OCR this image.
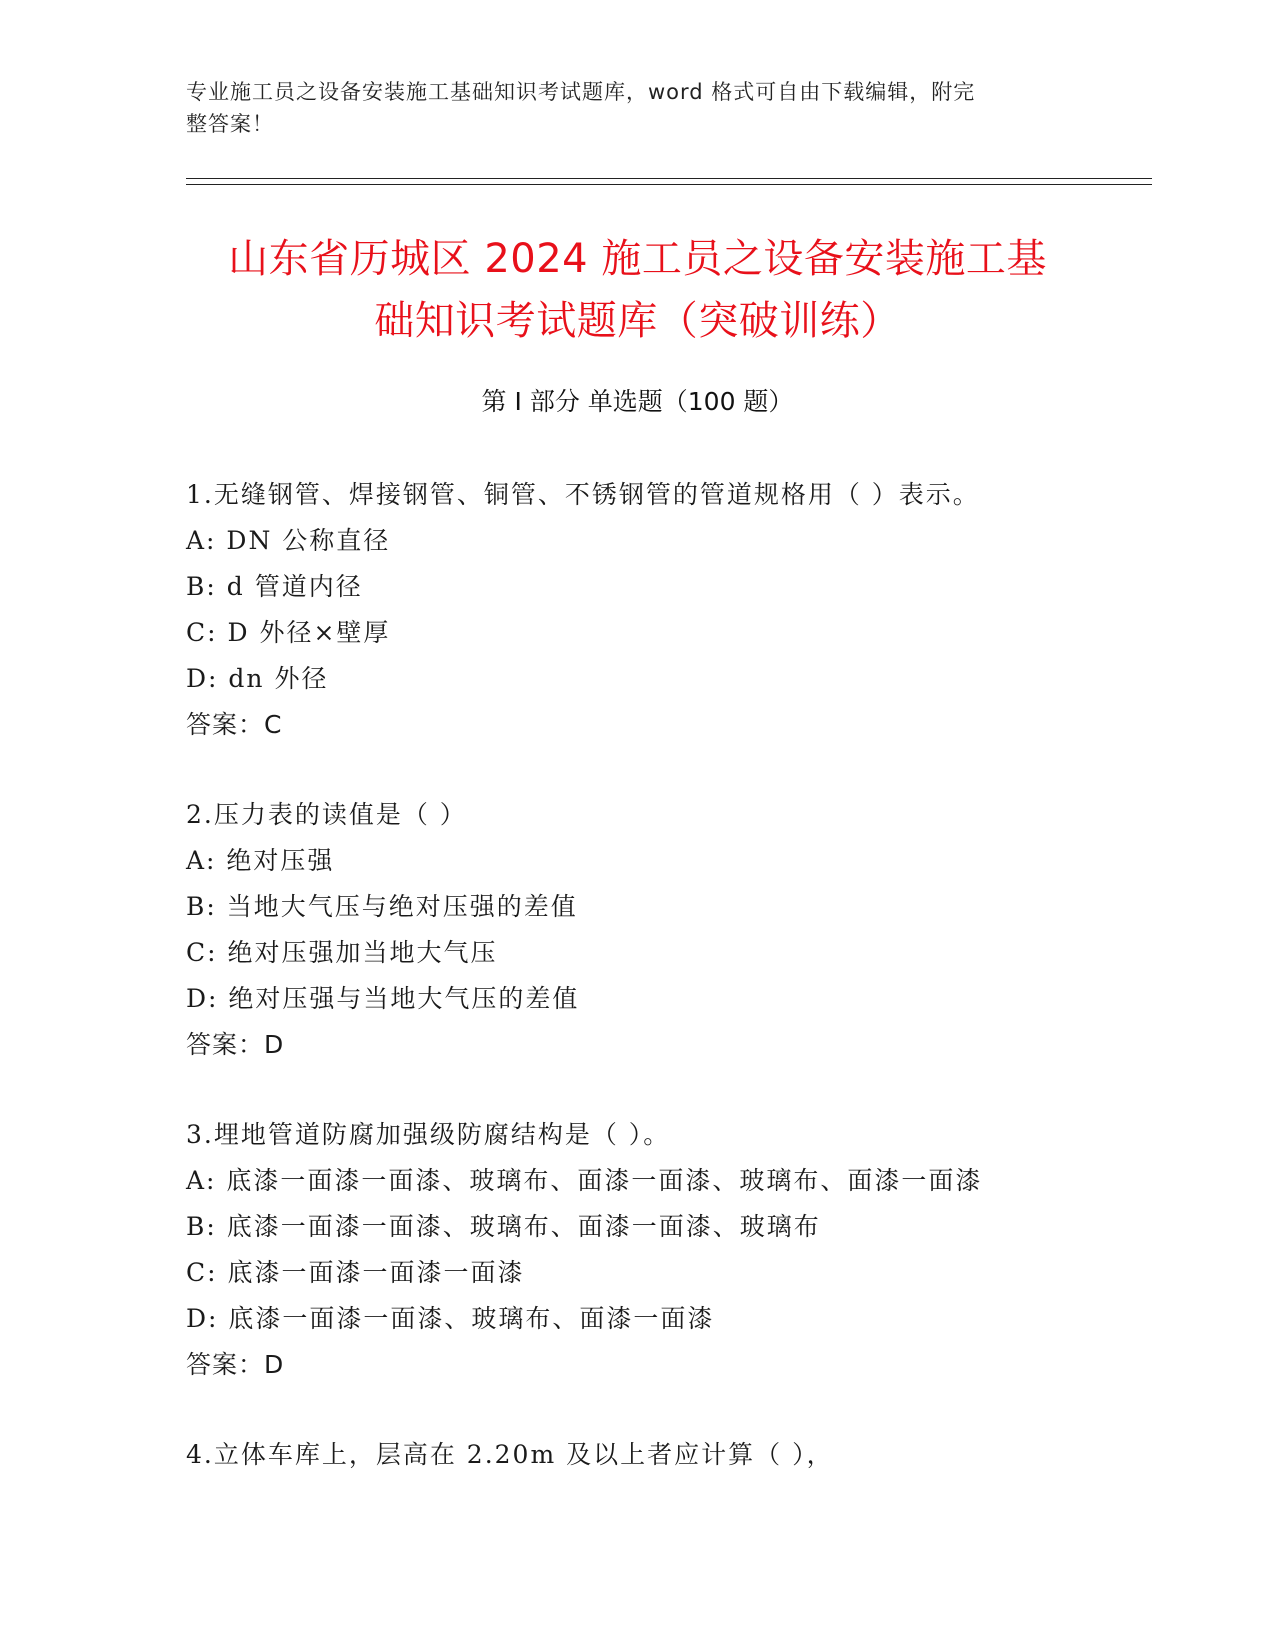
专业施工员之设备安装施工基础知识考试题库，word 格式可自由下载编辑，附完
整答案！
山东省历城区 2024 施工员之设备安装施工基
础知识考试题库（突破训练）
第 I 部分 单选题（100 题）
1.无缝钢管、焊接钢管、铜管、不锈钢管的管道规格用（ ）表示。
A: DN 公称直径
B: d 管道内径
C: D 外径×壁厚
D: dn 外径
答案：C
2.压力表的读值是（ ）
A: 绝对压强
B: 当地大气压与绝对压强的差值
C: 绝对压强加当地大气压
D: 绝对压强与当地大气压的差值
答案：D
3.埋地管道防腐加强级防腐结构是（ ）。
A: 底漆一面漆一面漆、玻璃布、面漆一面漆、玻璃布、面漆一面漆
B: 底漆一面漆一面漆、玻璃布、面漆一面漆、玻璃布
C: 底漆一面漆一面漆一面漆
D: 底漆一面漆一面漆、玻璃布、面漆一面漆
答案：D
4.立体车库上，层高在 2.20m 及以上者应计算（ ），
